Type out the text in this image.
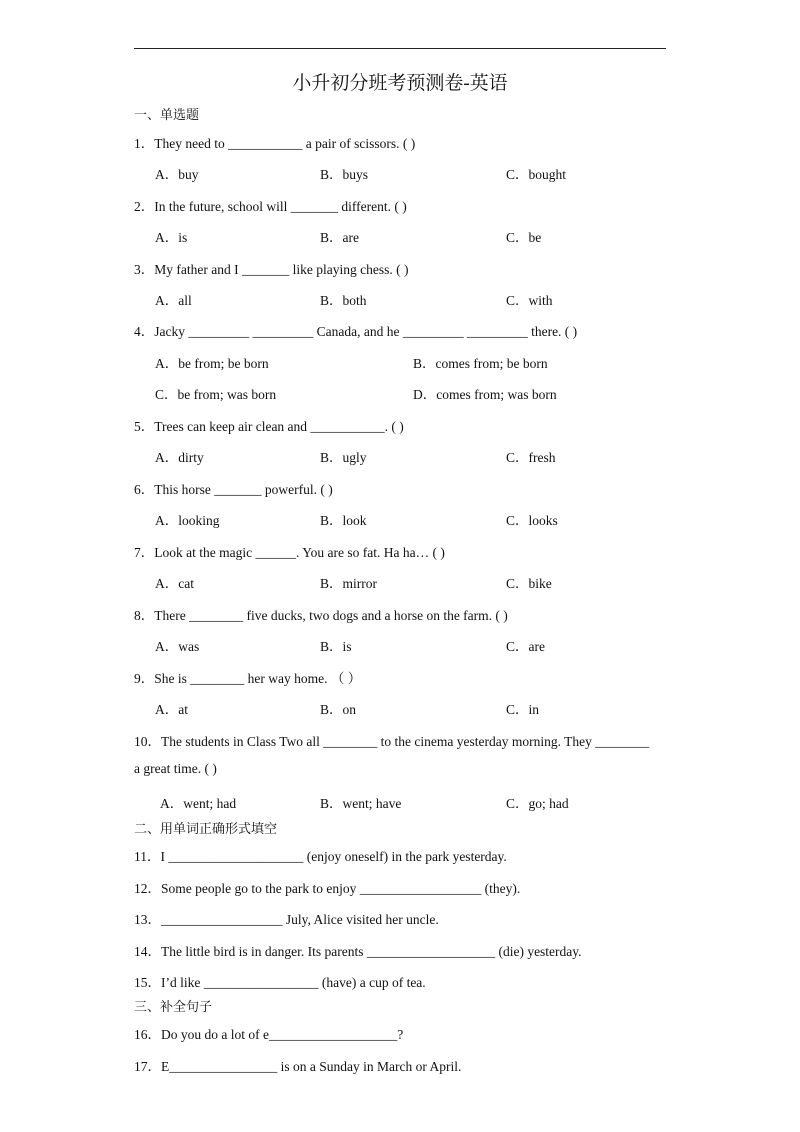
小升初分班考预测卷-英语
一、单选题
1．They need to ___________ a pair of scissors. ( )
A．buy	B．buys	C．bought
2．In the future, school will _______ different. ( )
A．is	B．are	C．be
3．My father and I _______ like playing chess. ( )
A．all	B．both	C．with
4．Jacky _________ _________ Canada, and he _________ _________ there. ( )
A．be from; be born	B．comes from; be born
C．be from; was born	D．comes from; was born
5．Trees can keep air clean and ___________. ( )
A．dirty	B．ugly	C．fresh
6．This horse _______ powerful. ( )
A．looking	B．look	C．looks
7．Look at the magic ______. You are so fat. Ha ha… ( )
A．cat	B．mirror	C．bike
8．There ________ five ducks, two dogs and a horse on the farm. ( )
A．was	B．is	C．are
9．She is ________ her way home. （ ）
A．at	B．on	C．in
10．The students in Class Two all ________ to the cinema yesterday morning. They ________
a great time. ( )
A．went; had	B．went; have	C．go; had
二、用单词正确形式填空
11．I ____________________ (enjoy oneself) in the park yesterday.
12．Some people go to the park to enjoy __________________ (they).
13．__________________ July, Alice visited her uncle.
14．The little bird is in danger. Its parents ___________________ (die) yesterday.
15．I’d like _________________ (have) a cup of tea.
三、补全句子
16．Do you do a lot of e___________________?
17．E________________ is on a Sunday in March or April.
